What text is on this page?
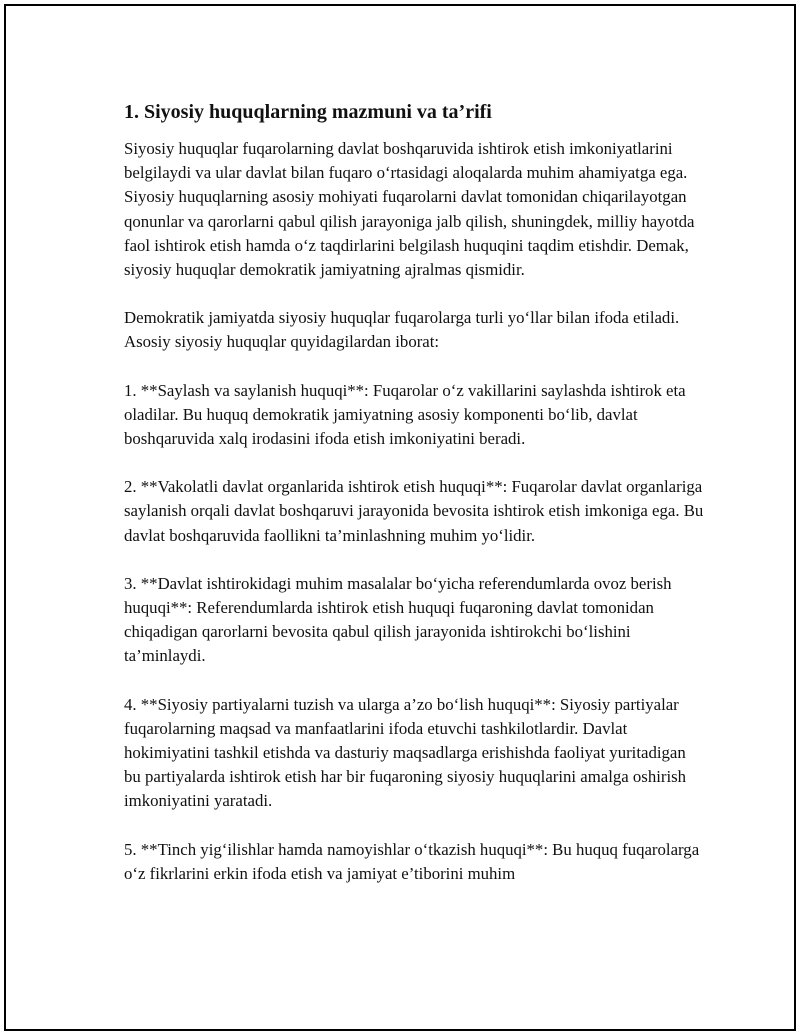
1. Siyosiy huquqlarning mazmuni va ta’rifi

Siyosiy huquqlar fuqarolarning davlat boshqaruvida ishtirok etish imkoniyatlarini belgilaydi va ular davlat bilan fuqaro o‘rtasidagi aloqalarda muhim ahamiyatga ega. Siyosiy huquqlarning asosiy mohiyati fuqarolarni davlat tomonidan chiqarilayotgan qonunlar va qarorlarni qabul qilish jarayoniga jalb qilish, shuningdek, milliy hayotda faol ishtirok etish hamda o‘z taqdirlarini belgilash huquqini taqdim etishdir. Demak, siyosiy huquqlar demokratik jamiyatning ajralmas qismidir.

Demokratik jamiyatda siyosiy huquqlar fuqarolarga turli yo‘llar bilan ifoda etiladi. Asosiy siyosiy huquqlar quyidagilardan iborat:

1. **Saylash va saylanish huquqi**: Fuqarolar o‘z vakillarini saylashda ishtirok eta oladilar. Bu huquq demokratik jamiyatning asosiy komponenti bo‘lib, davlat boshqaruvida xalq irodasini ifoda etish imkoniyatini beradi.

2. **Vakolatli davlat organlarida ishtirok etish huquqi**: Fuqarolar davlat organlariga saylanish orqali davlat boshqaruvi jarayonida bevosita ishtirok etish imkoniga ega. Bu davlat boshqaruvida faollikni ta’minlashning muhim yo‘lidir.

3. **Davlat ishtirokidagi muhim masalalar bo‘yicha referendumlarda ovoz berish huquqi**: Referendumlarda ishtirok etish huquqi fuqaroning davlat tomonidan chiqadigan qarorlarni bevosita qabul qilish jarayonida ishtirokchi bo‘lishini ta’minlaydi.

4. **Siyosiy partiyalarni tuzish va ularga a’zo bo‘lish huquqi**: Siyosiy partiyalar fuqarolarning maqsad va manfaatlarini ifoda etuvchi tashkilotlardir. Davlat hokimiyatini tashkil etishda va dasturiy maqsadlarga erishishda faoliyat yuritadigan bu partiyalarda ishtirok etish har bir fuqaroning siyosiy huquqlarini amalga oshirish imkoniyatini yaratadi.

5. **Tinch yig‘ilishlar hamda namoyishlar o‘tkazish huquqi**: Bu huquq fuqarolarga o‘z fikrlarini erkin ifoda etish va jamiyat e’tiborini muhim
